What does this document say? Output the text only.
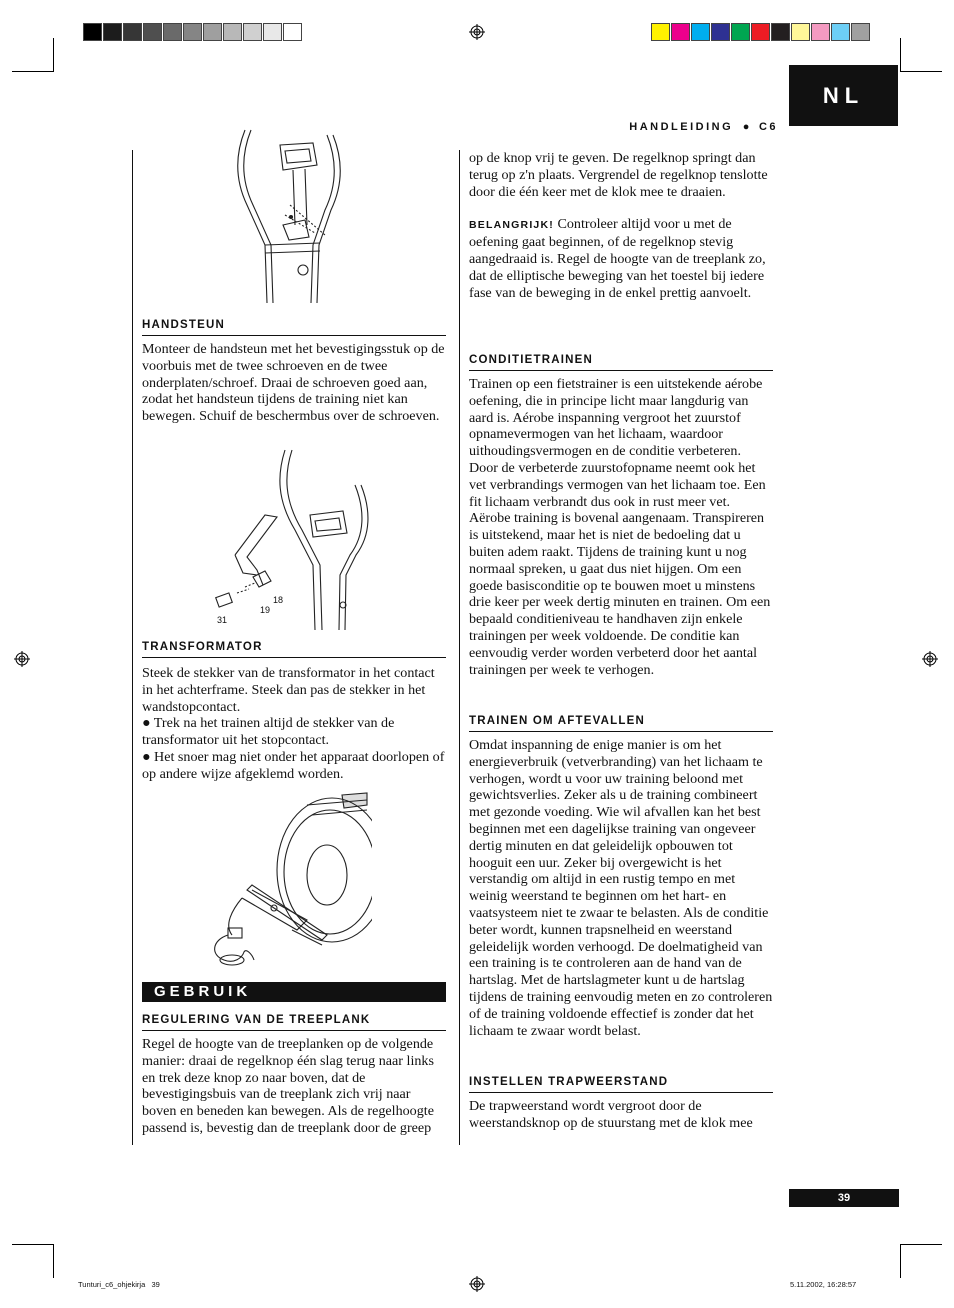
NL
HANDLEIDING ● C6
HANDSTEUN

Monteer de handsteun met het bevestigingsstuk op de voorbuis met de twee schroeven en de twee onderplaten/schroef. Draai de schroeven goed aan, zodat het handsteun tijdens de training niet kan bewegen. Schuif de beschermbus over de schroeven.

18
19
31
TRANSFORMATOR

Steek de stekker van de transformator in het contact in het achterframe. Steek dan pas de stekker in het wandstopcontact.

● Trek na het trainen altijd de stekker van de transformator uit het stopcontact.

● Het snoer mag niet onder het apparaat doorlopen of op andere wijze afgeklemd worden.

GEBRUIK
REGULERING VAN DE TREEPLANK

Regel de hoogte van de treeplanken op de volgende manier: draai de regelknop één slag terug naar links en trek deze knop zo naar boven, dat de bevestigingsbuis van de treeplank zich vrij naar boven en beneden kan bewegen. Als de regelhoogte passend is, bevestig dan de treeplank door de greep

op de knop vrij te geven. De regelknop springt dan terug op z'n plaats. Vergrendel de regelknop tenslotte door die één keer met de klok mee te draaien.

BELANGRIJK! Controleer altijd voor u met de oefening gaat beginnen, of de regelknop stevig aangedraaid is. Regel de hoogte van de treeplank zo, dat de elliptische beweging van het toestel bij iedere fase van de beweging in de enkel prettig aanvoelt.

CONDITIETRAINEN

Trainen op een fietstrainer is een uitstekende aérobe oefening, die in principe licht maar langdurig van aard is. Aérobe inspanning vergroot het zuurstof opnamevermogen van het lichaam, waardoor uithoudingsvermogen en de conditie verbeteren. Door de verbeterde zuurstofopname neemt ook het vet verbrandings vermogen van het lichaam toe. Een fit lichaam verbrandt dus ook in rust meer vet. Aërobe training is bovenal aangenaam. Transpireren is uitstekend, maar het is niet de bedoeling dat u buiten adem raakt. Tijdens de training kunt u nog normaal spreken, u gaat dus niet hijgen. Om een goede basisconditie op te bouwen moet u minstens drie keer per week dertig minuten en trainen. Om een bepaald conditieniveau te handhaven zijn enkele trainingen per week voldoende. De conditie kan eenvoudig verder worden verbeterd door het aantal trainingen per week te verhogen.

TRAINEN OM AFTEVALLEN

Omdat inspanning de enige manier is om het energieverbruik (vetverbranding) van het lichaam te verhogen, wordt u voor uw training beloond met gewichtsverlies. Zeker als u de training combineert met gezonde voeding. Wie wil afvallen kan het best beginnen met een dagelijkse training van ongeveer dertig minuten en dat geleidelijk opbouwen tot hooguit een uur. Zeker bij overgewicht is het verstandig om altijd in een rustig tempo en met weinig weerstand te beginnen om het hart- en vaatsysteem niet te zwaar te belasten. Als de conditie beter wordt, kunnen trapsnelheid en weerstand geleidelijk worden verhoogd. De doelmatigheid van een training is te controleren aan de hand van de hartslag. Met de hartslagmeter kunt u de hartslag tijdens de training eenvoudig meten en zo controleren of de training voldoende effectief is zonder dat het lichaam te zwaar wordt belast.

INSTELLEN TRAPWEERSTAND

De trapweerstand wordt vergroot door de weerstandsknop op de stuurstang met de klok mee

39
Tunturi_c6_ohjekirja   39	5.11.2002, 16:28:57
